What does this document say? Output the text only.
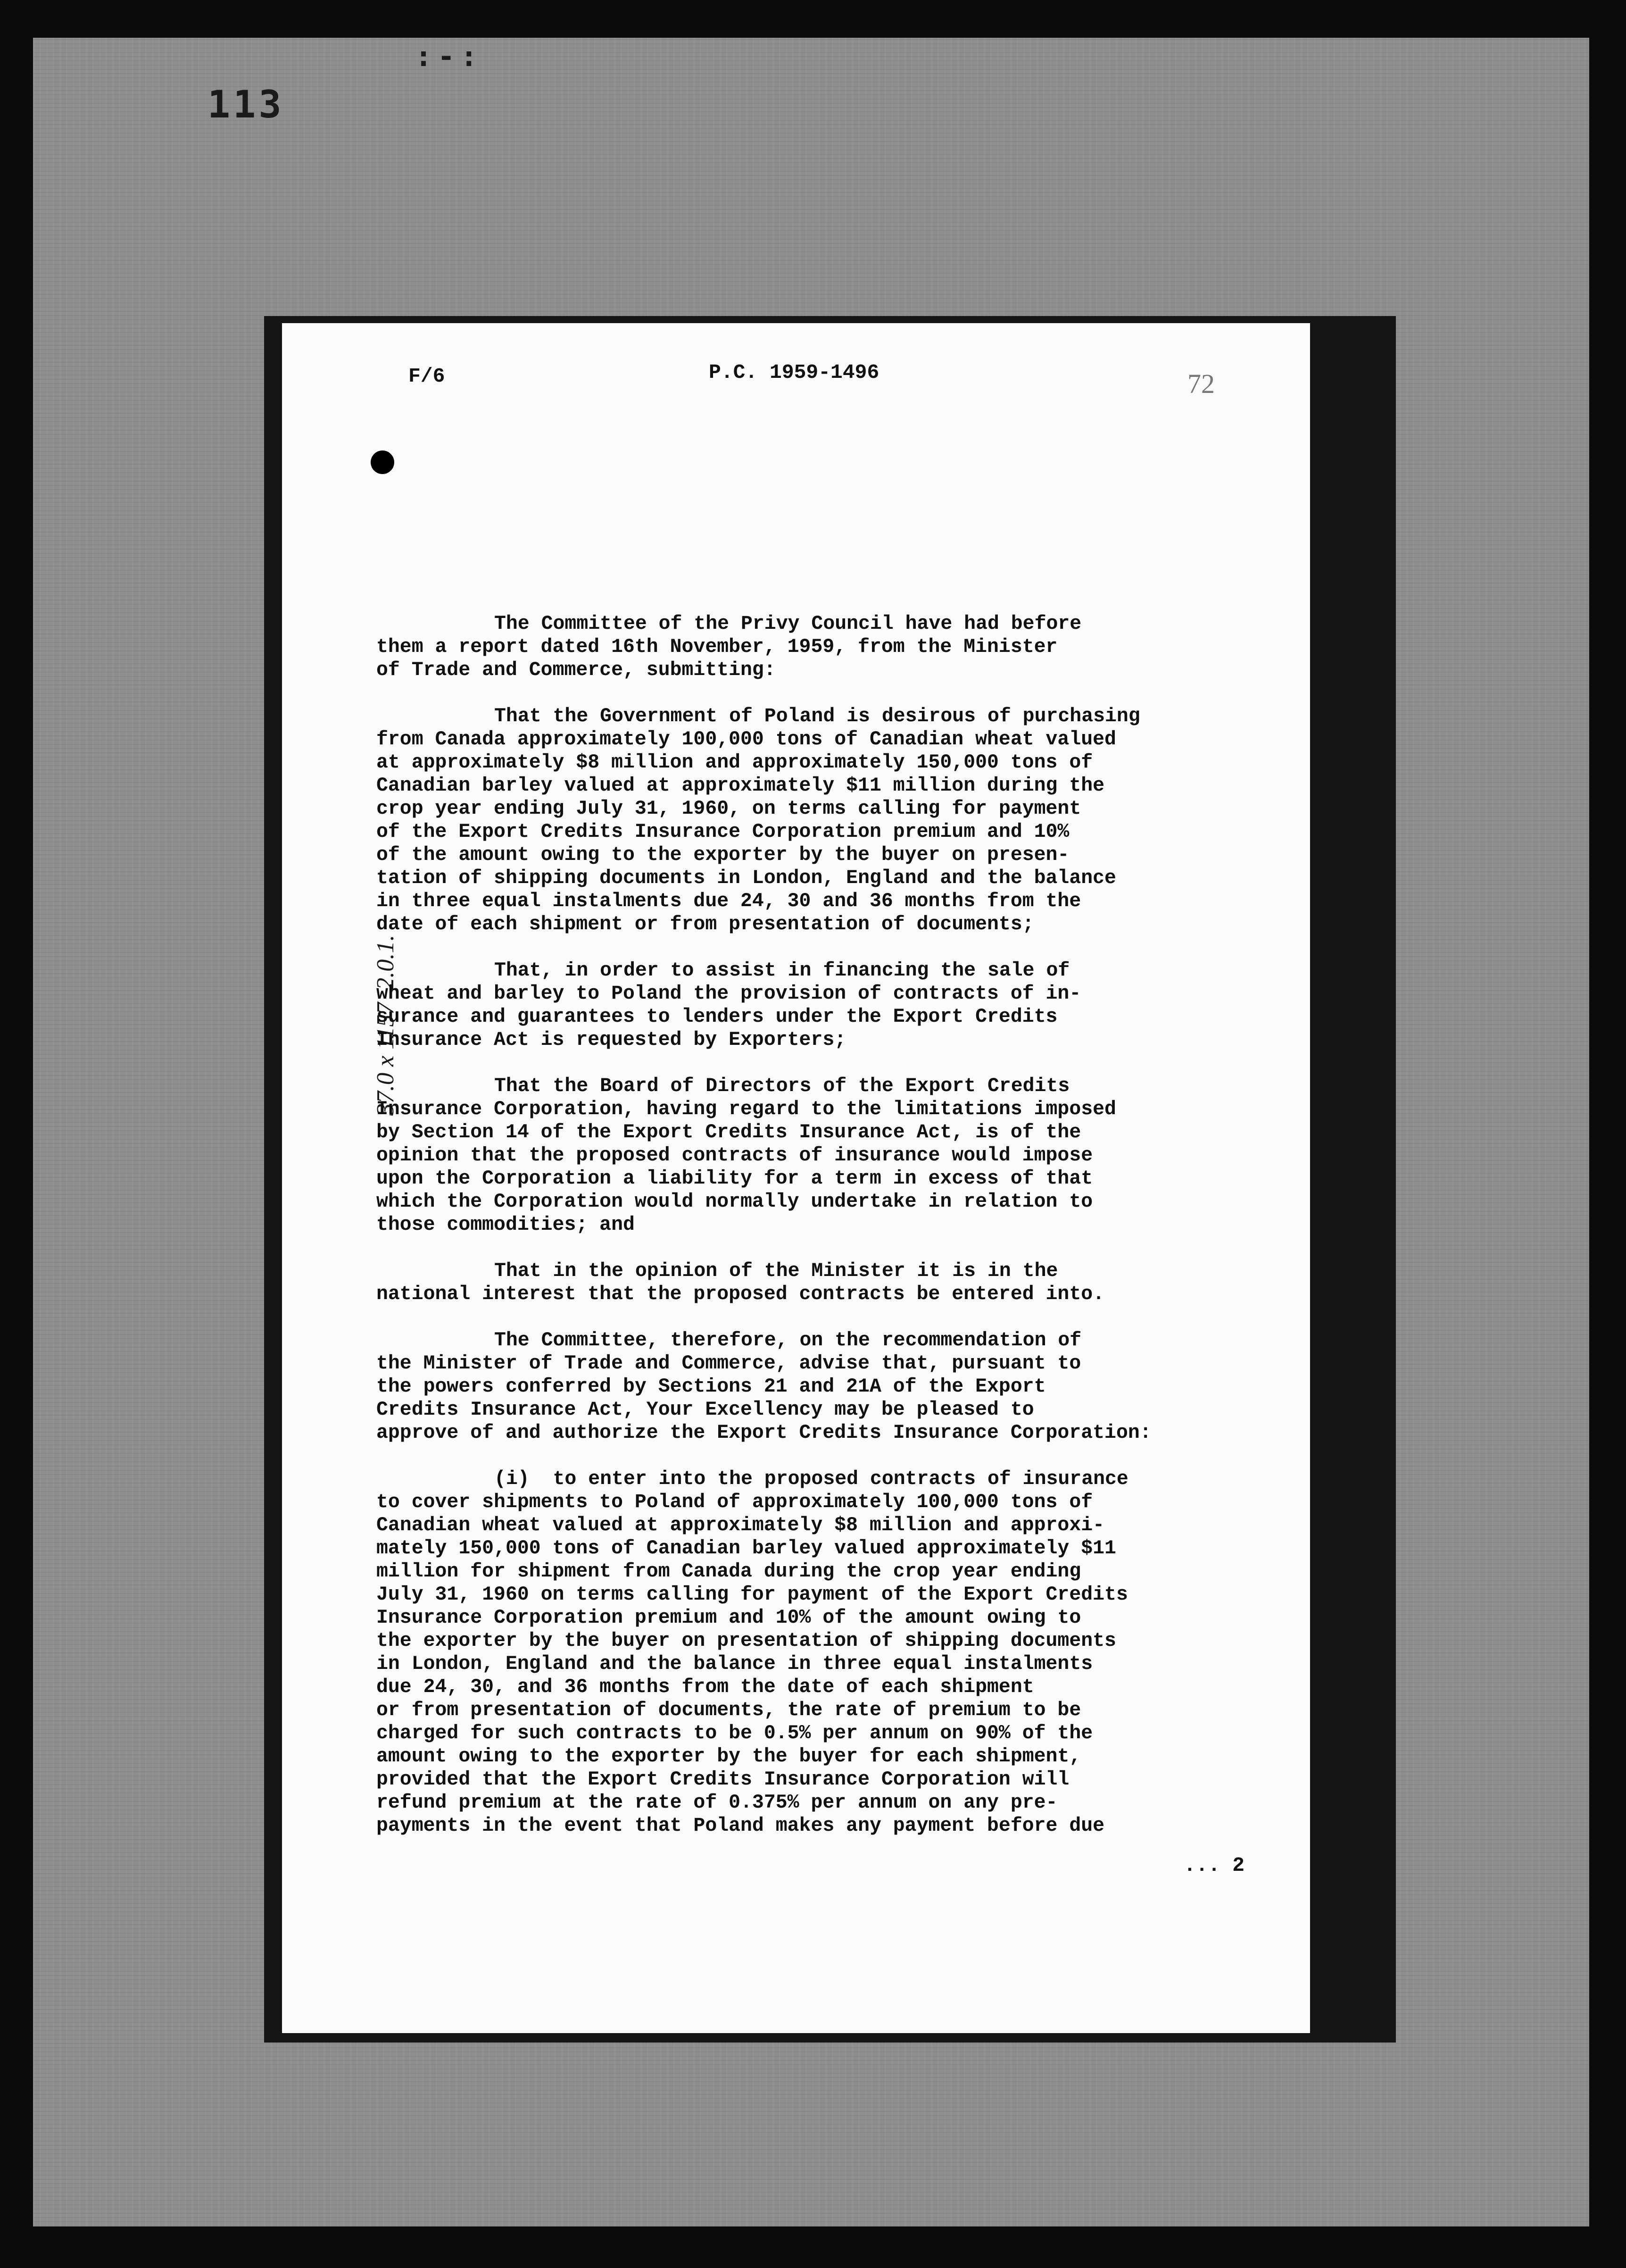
113
:-:
F/6	P.C. 1959-1496	72
37.0 x 1157  2.0.1.
The Committee of the Privy Council have had before
them a report dated 16th November, 1959, from the Minister
of Trade and Commerce, submitting:
That the Government of Poland is desirous of purchasing
from Canada approximately 100,000 tons of Canadian wheat valued
at approximately $8 million and approximately 150,000 tons of
Canadian barley valued at approximately $11 million during the
crop year ending July 31, 1960, on terms calling for payment
of the Export Credits Insurance Corporation premium and 10%
of the amount owing to the exporter by the buyer on presen-
tation of shipping documents in London, England and the balance
in three equal instalments due 24, 30 and 36 months from the
date of each shipment or from presentation of documents;
That, in order to assist in financing the sale of
wheat and barley to Poland the provision of contracts of in-
surance and guarantees to lenders under the Export Credits
Insurance Act is requested by Exporters;
That the Board of Directors of the Export Credits
Insurance Corporation, having regard to the limitations imposed
by Section 14 of the Export Credits Insurance Act, is of the
opinion that the proposed contracts of insurance would impose
upon the Corporation a liability for a term in excess of that
which the Corporation would normally undertake in relation to
those commodities; and
That in the opinion of the Minister it is in the
national interest that the proposed contracts be entered into.
The Committee, therefore, on the recommendation of
the Minister of Trade and Commerce, advise that, pursuant to
the powers conferred by Sections 21 and 21A of the Export
Credits Insurance Act, Your Excellency may be pleased to
approve of and authorize the Export Credits Insurance Corporation:
(i)  to enter into the proposed contracts of insurance
to cover shipments to Poland of approximately 100,000 tons of
Canadian wheat valued at approximately $8 million and approxi-
mately 150,000 tons of Canadian barley valued approximately $11
million for shipment from Canada during the crop year ending
July 31, 1960 on terms calling for payment of the Export Credits
Insurance Corporation premium and 10% of the amount owing to
the exporter by the buyer on presentation of shipping documents
in London, England and the balance in three equal instalments
due 24, 30, and 36 months from the date of each shipment
or from presentation of documents, the rate of premium to be
charged for such contracts to be 0.5% per annum on 90% of the
amount owing to the exporter by the buyer for each shipment,
provided that the Export Credits Insurance Corporation will
refund premium at the rate of 0.375% per annum on any pre-
payments in the event that Poland makes any payment before due
... 2
